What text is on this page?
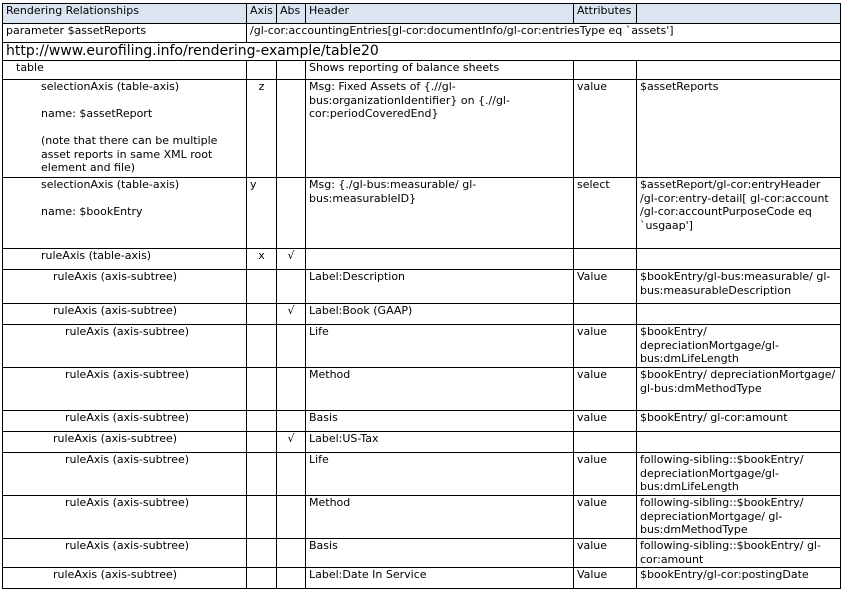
Rendering Relationships	Axis	Abs	Header	Attributes	
parameter $assetReports	/gl-cor:accountingEntries[gl-cor:documentInfo/gl-cor:entriesType eq `assets']				
http://www.eurofiling.info/rendering-example/table20					
table			Shows reporting of balance sheets		

selectionAxis (table-axis)

name: $assetReport

(note that there can be multiple asset reports in same XML root element and file)	z		Msg: Fixed Assets of {.//gl-bus:organizationIdentifier} on {.//gl-cor:periodCoveredEnd}	value	$assetReports

selectionAxis (table-axis)

name: $bookEntry	y		Msg: {./gl-bus:measurable/ gl-bus:measurableID}	select	$assetReport/gl-cor:entryHeader /gl-cor:entry-detail[ gl-cor:account /gl-cor:accountPurposeCode eq `usgaap']
ruleAxis (table-axis)	x	√			
ruleAxis (axis-subtree)			Label:Description	Value	$bookEntry/gl-bus:measurable/ gl-bus:measurableDescription
ruleAxis (axis-subtree)		√	Label:Book (GAAP)		
ruleAxis (axis-subtree)			Life	value	$bookEntry/ depreciationMortgage/gl-bus:dmLifeLength
ruleAxis (axis-subtree)			Method	value	$bookEntry/ depreciationMortgage/ gl-bus:dmMethodType
ruleAxis (axis-subtree)			Basis	value	$bookEntry/ gl-cor:amount
ruleAxis (axis-subtree)		√	Label:US-Tax		
ruleAxis (axis-subtree)			Life	value	following-sibling::$bookEntry/ depreciationMortgage/gl-bus:dmLifeLength
ruleAxis (axis-subtree)			Method	value	following-sibling::$bookEntry/ depreciationMortgage/ gl-bus:dmMethodType
ruleAxis (axis-subtree)			Basis	value	following-sibling::$bookEntry/ gl-cor:amount
ruleAxis (axis-subtree)			Label:Date In Service	Value	$bookEntry/gl-cor:postingDate
